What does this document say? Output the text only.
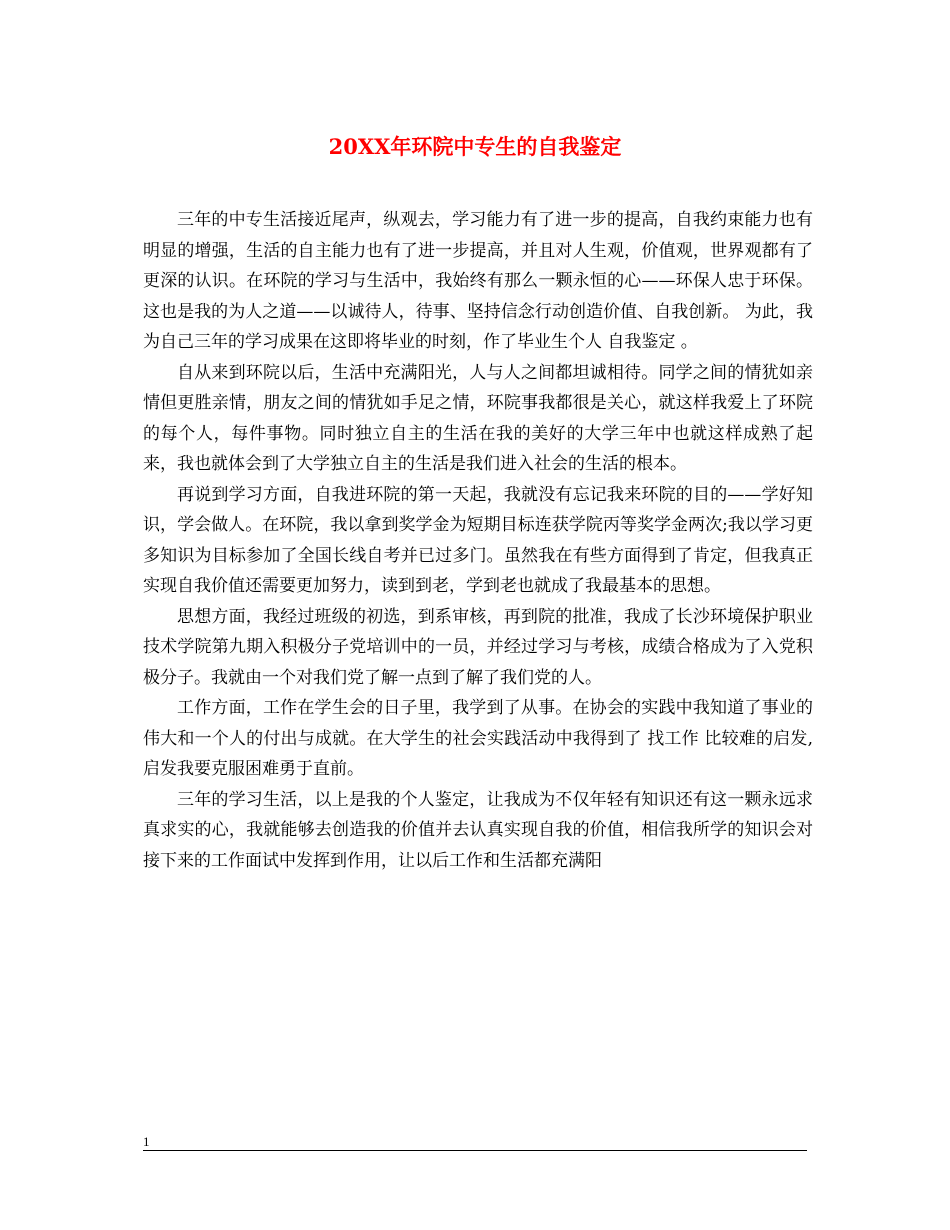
20XX年环院中专生的自我鉴定

三年的中专生活接近尾声，纵观去，学习能力有了进一步的提高，自我约束能力也有明显的增强，生活的自主能力也有了进一步提高，并且对人生观，价值观，世界观都有了更深的认识。在环院的学习与生活中，我始终有那么一颗永恒的心——环保人忠于环保。这也是我的为人之道——以诚待人，待事、坚持信念行动创造价值、自我创新。 为此，我为自己三年的学习成果在这即将毕业的时刻，作了毕业生个人 自我鉴定 。

自从来到环院以后，生活中充满阳光，人与人之间都坦诚相待。同学之间的情犹如亲情但更胜亲情，朋友之间的情犹如手足之情，环院事我都很是关心，就这样我爱上了环院的每个人，每件事物。同时独立自主的生活在我的美好的大学三年中也就这样成熟了起来，我也就体会到了大学独立自主的生活是我们进入社会的生活的根本。

再说到学习方面，自我进环院的第一天起，我就没有忘记我来环院的目的——学好知识，学会做人。在环院，我以拿到奖学金为短期目标连获学院丙等奖学金两次;我以学习更多知识为目标参加了全国长线自考并已过多门。虽然我在有些方面得到了肯定，但我真正实现自我价值还需要更加努力，读到到老，学到老也就成了我最基本的思想。

思想方面，我经过班级的初选，到系审核，再到院的批准，我成了长沙环境保护职业技术学院第九期入积极分子党培训中的一员，并经过学习与考核，成绩合格成为了入党积极分子。我就由一个对我们党了解一点到了解了我们党的人。

工作方面，工作在学生会的日子里，我学到了从事。在协会的实践中我知道了事业的伟大和一个人的付出与成就。在大学生的社会实践活动中我得到了 找工作 比较难的启发,启发我要克服困难勇于直前。

三年的学习生活，以上是我的个人鉴定，让我成为不仅年轻有知识还有这一颗永远求真求实的心，我就能够去创造我的价值并去认真实现自我的价值，相信我所学的知识会对接下来的工作面试中发挥到作用，让以后工作和生活都充满阳

1
